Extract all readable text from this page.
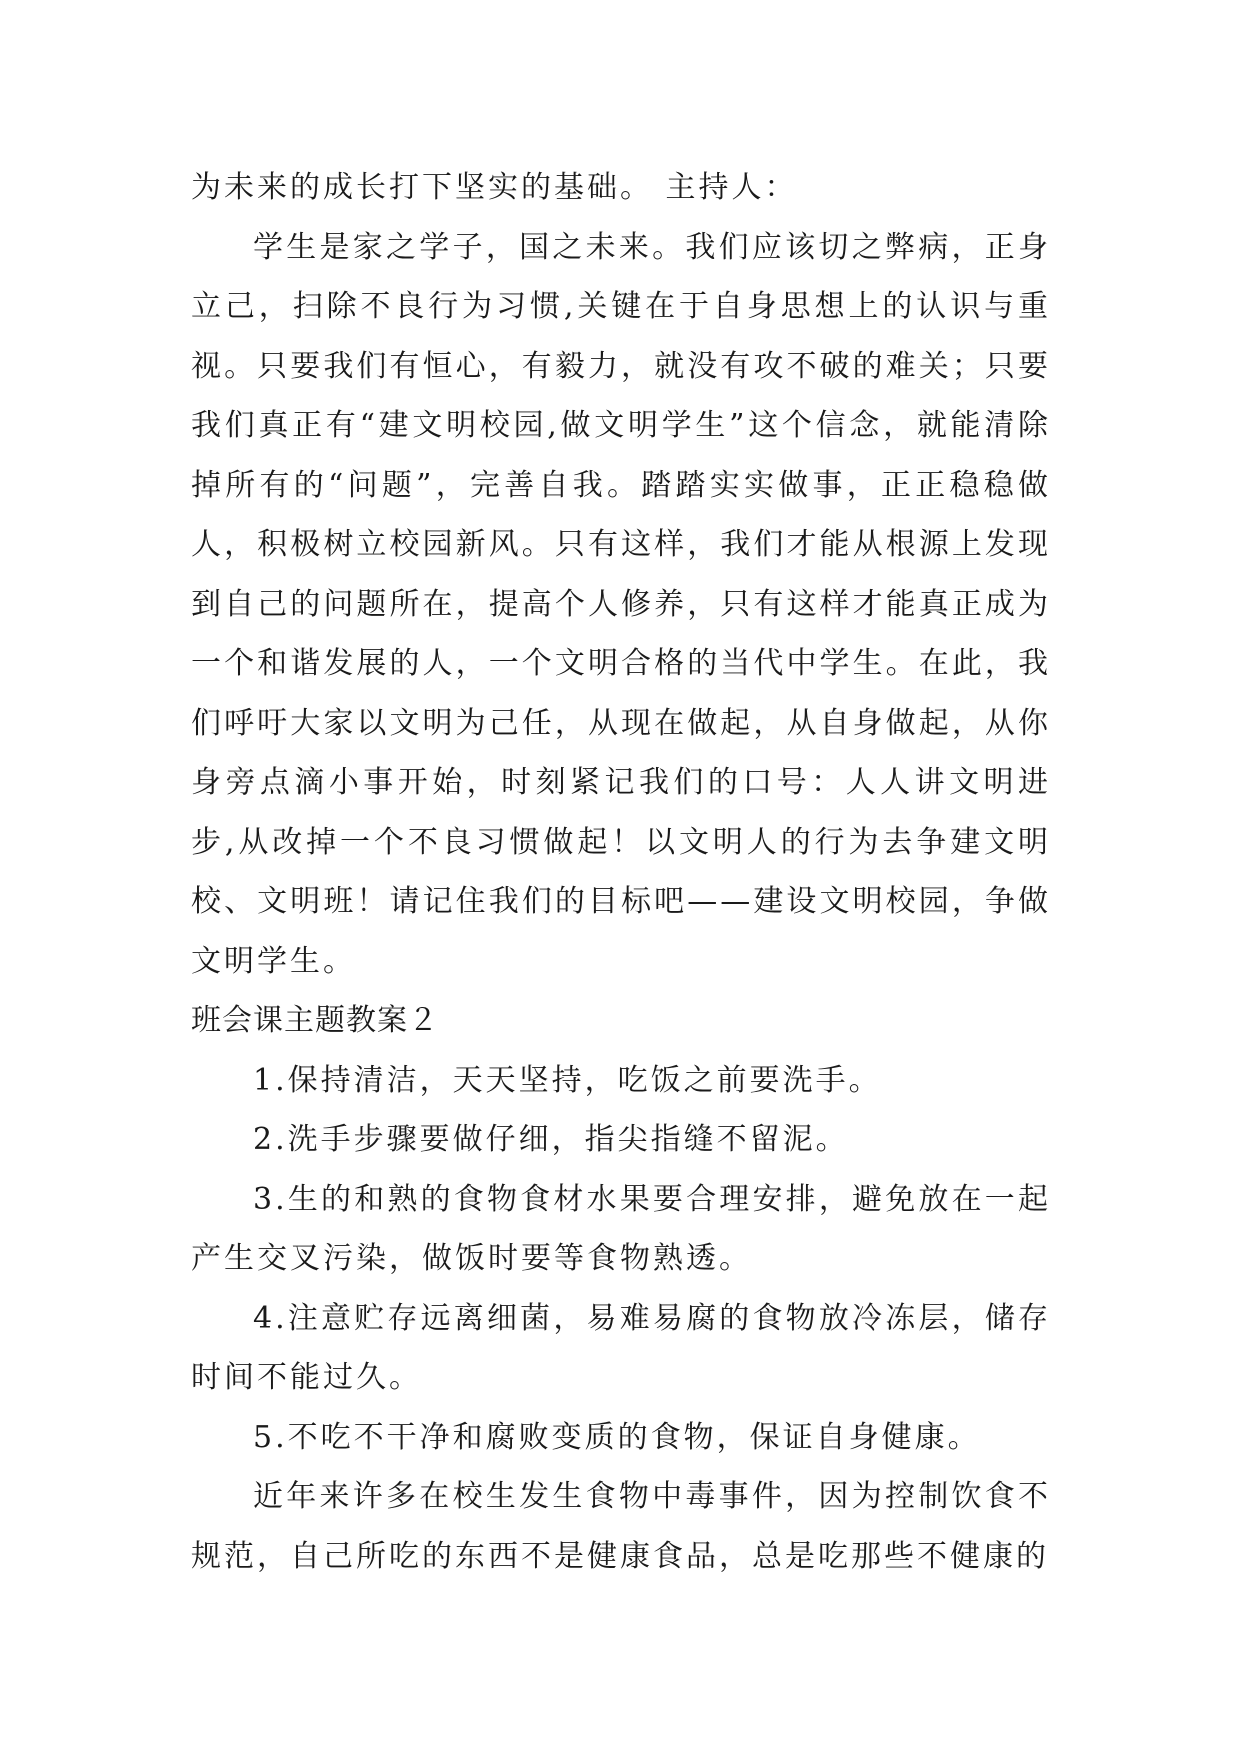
为未来的成长打下坚实的基础。 主持人：

学生是家之学子，国之未来。我们应该切之弊病，正身立己，扫除不良行为习惯,关键在于自身思想上的认识与重视。只要我们有恒心，有毅力，就没有攻不破的难关；只要我们真正有“建文明校园,做文明学生”这个信念，就能清除掉所有的“问题”，完善自我。踏踏实实做事，正正稳稳做人，积极树立校园新风。只有这样，我们才能从根源上发现到自己的问题所在，提高个人修养，只有这样才能真正成为一个和谐发展的人，一个文明合格的当代中学生。在此，我们呼吁大家以文明为己任，从现在做起，从自身做起，从你身旁点滴小事开始，时刻紧记我们的口号：人人讲文明进步,从改掉一个不良习惯做起！以文明人的行为去争建文明校、文明班！请记住我们的目标吧——建设文明校园，争做文明学生。

班会课主题教案２

1.保持清洁，天天坚持，吃饭之前要洗手。

2.洗手步骤要做仔细，指尖指缝不留泥。

3.生的和熟的食物食材水果要合理安排，避免放在一起产生交叉污染，做饭时要等食物熟透。

4.注意贮存远离细菌，易难易腐的食物放冷冻层，储存时间不能过久。

5.不吃不干净和腐败变质的食物，保证自身健康。

近年来许多在校生发生食物中毒事件，因为控制饮食不规范，自己所吃的东西不是健康食品，总是吃那些不健康的
